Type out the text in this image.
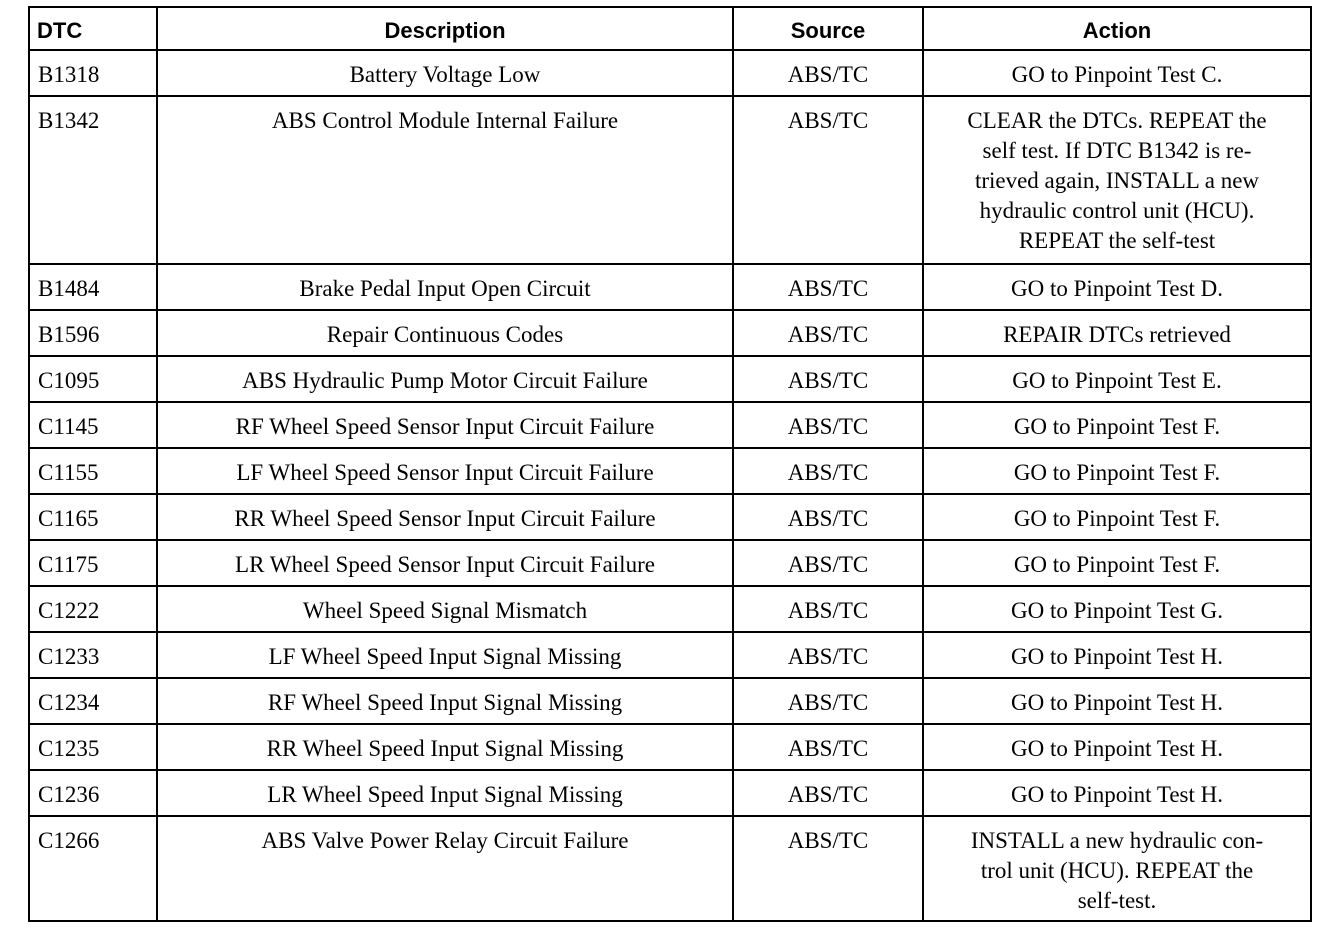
DTC	Description	Source	Action
B1318	Battery Voltage Low	ABS/TC	GO to Pinpoint Test C.
B1342	ABS Control Module Internal Failure	ABS/TC	CLEAR the DTCs. REPEAT the
self test. If DTC B1342 is re-
trieved again, INSTALL a new
hydraulic control unit (HCU).
REPEAT the self-test
B1484	Brake Pedal Input Open Circuit	ABS/TC	GO to Pinpoint Test D.
B1596	Repair Continuous Codes	ABS/TC	REPAIR DTCs retrieved
C1095	ABS Hydraulic Pump Motor Circuit Failure	ABS/TC	GO to Pinpoint Test E.
C1145	RF Wheel Speed Sensor Input Circuit Failure	ABS/TC	GO to Pinpoint Test F.
C1155	LF Wheel Speed Sensor Input Circuit Failure	ABS/TC	GO to Pinpoint Test F.
C1165	RR Wheel Speed Sensor Input Circuit Failure	ABS/TC	GO to Pinpoint Test F.
C1175	LR Wheel Speed Sensor Input Circuit Failure	ABS/TC	GO to Pinpoint Test F.
C1222	Wheel Speed Signal Mismatch	ABS/TC	GO to Pinpoint Test G.
C1233	LF Wheel Speed Input Signal Missing	ABS/TC	GO to Pinpoint Test H.
C1234	RF Wheel Speed Input Signal Missing	ABS/TC	GO to Pinpoint Test H.
C1235	RR Wheel Speed Input Signal Missing	ABS/TC	GO to Pinpoint Test H.
C1236	LR Wheel Speed Input Signal Missing	ABS/TC	GO to Pinpoint Test H.
C1266	ABS Valve Power Relay Circuit Failure	ABS/TC	INSTALL a new hydraulic con-
trol unit (HCU). REPEAT the
self-test.
